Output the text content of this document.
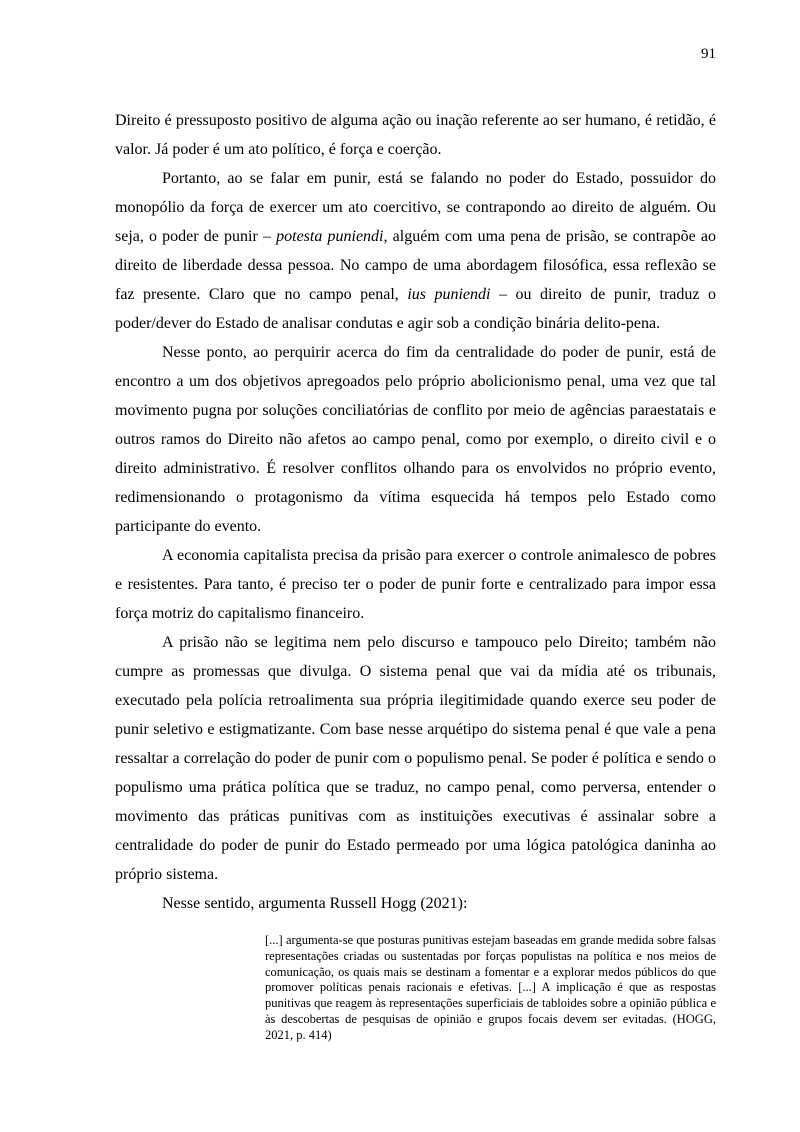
91

Direito é pressuposto positivo de alguma ação ou inação referente ao ser humano, é retidão, é valor. Já poder é um ato político, é força e coerção.

Portanto, ao se falar em punir, está se falando no poder do Estado, possuidor do monopólio da força de exercer um ato coercitivo, se contrapondo ao direito de alguém. Ou seja, o poder de punir – potesta puniendi, alguém com uma pena de prisão, se contrapõe ao direito de liberdade dessa pessoa. No campo de uma abordagem filosófica, essa reflexão se faz presente. Claro que no campo penal, ius puniendi – ou direito de punir, traduz o poder/dever do Estado de analisar condutas e agir sob a condição binária delito-pena.

Nesse ponto, ao perquirir acerca do fim da centralidade do poder de punir, está de encontro a um dos objetivos apregoados pelo próprio abolicionismo penal, uma vez que tal movimento pugna por soluções conciliatórias de conflito por meio de agências paraestatais e outros ramos do Direito não afetos ao campo penal, como por exemplo, o direito civil e o direito administrativo. É resolver conflitos olhando para os envolvidos no próprio evento, redimensionando o protagonismo da vítima esquecida há tempos pelo Estado como participante do evento.

A economia capitalista precisa da prisão para exercer o controle animalesco de pobres e resistentes. Para tanto, é preciso ter o poder de punir forte e centralizado para impor essa força motriz do capitalismo financeiro.

A prisão não se legitima nem pelo discurso e tampouco pelo Direito; também não cumpre as promessas que divulga. O sistema penal que vai da mídia até os tribunais, executado pela polícia retroalimenta sua própria ilegitimidade quando exerce seu poder de punir seletivo e estigmatizante. Com base nesse arquétipo do sistema penal é que vale a pena ressaltar a correlação do poder de punir com o populismo penal. Se poder é política e sendo o populismo uma prática política que se traduz, no campo penal, como perversa, entender o movimento das práticas punitivas com as instituições executivas é assinalar sobre a centralidade do poder de punir do Estado permeado por uma lógica patológica daninha ao próprio sistema.

Nesse sentido, argumenta Russell Hogg (2021):

[...] argumenta-se que posturas punitivas estejam baseadas em grande medida sobre falsas representações criadas ou sustentadas por forças populistas na política e nos meios de comunicação, os quais mais se destinam a fomentar e a explorar medos públicos do que promover políticas penais racionais e efetivas. [...] A implicação é que as respostas punitivas que reagem às representações superficiais de tabloides sobre a opinião pública e às descobertas de pesquisas de opinião e grupos focais devem ser evitadas. (HOGG, 2021, p. 414)
